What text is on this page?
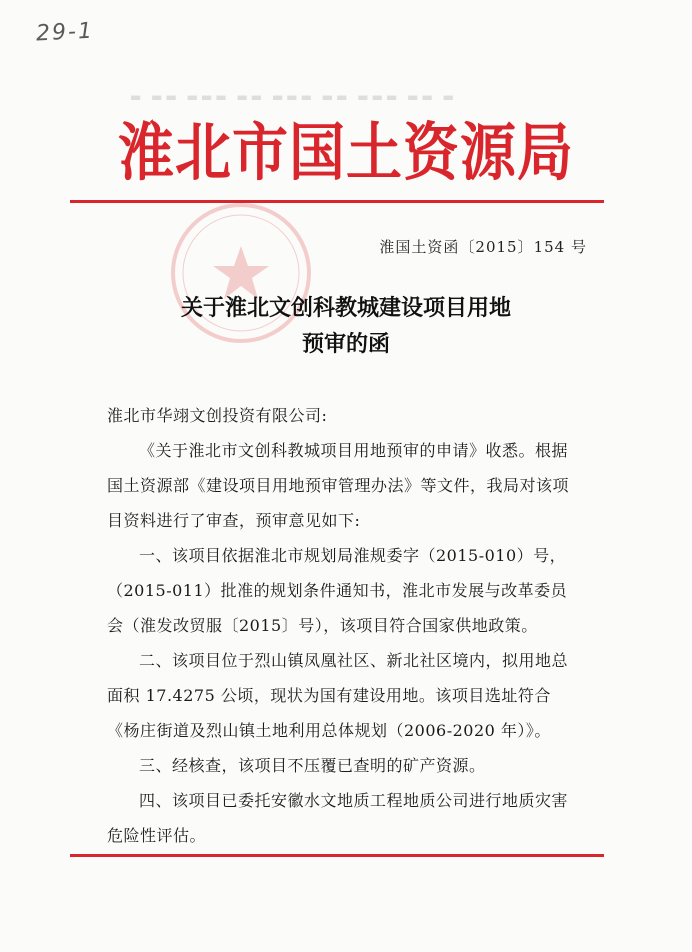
29-1
▬ ▬▬ ▬▬▬ ▬▬ ▬▬▬ ▬▬ ▬▬▬ ▬▬ ▬
淮北市国土资源局
淮国土资函〔2015〕154 号
关于淮北文创科教城建设项目用地
预审的函

淮北市华翊文创投资有限公司:

《关于淮北市文创科教城项目用地预审的申请》收悉。根据国土资源部《建设项目用地预审管理办法》等文件，我局对该项目资料进行了审查，预审意见如下:

一、该项目依据淮北市规划局淮规委字（2015-010）号，（2015-011）批准的规划条件通知书，淮北市发展与改革委员会（淮发改贸服〔2015〕号），该项目符合国家供地政策。

二、该项目位于烈山镇凤凰社区、新北社区境内，拟用地总面积 17.4275 公顷，现状为国有建设用地。该项目选址符合《杨庄街道及烈山镇土地利用总体规划（2006-2020 年）》。

三、经核查，该项目不压覆已查明的矿产资源。

四、该项目已委托安徽水文地质工程地质公司进行地质灾害危险性评估。
